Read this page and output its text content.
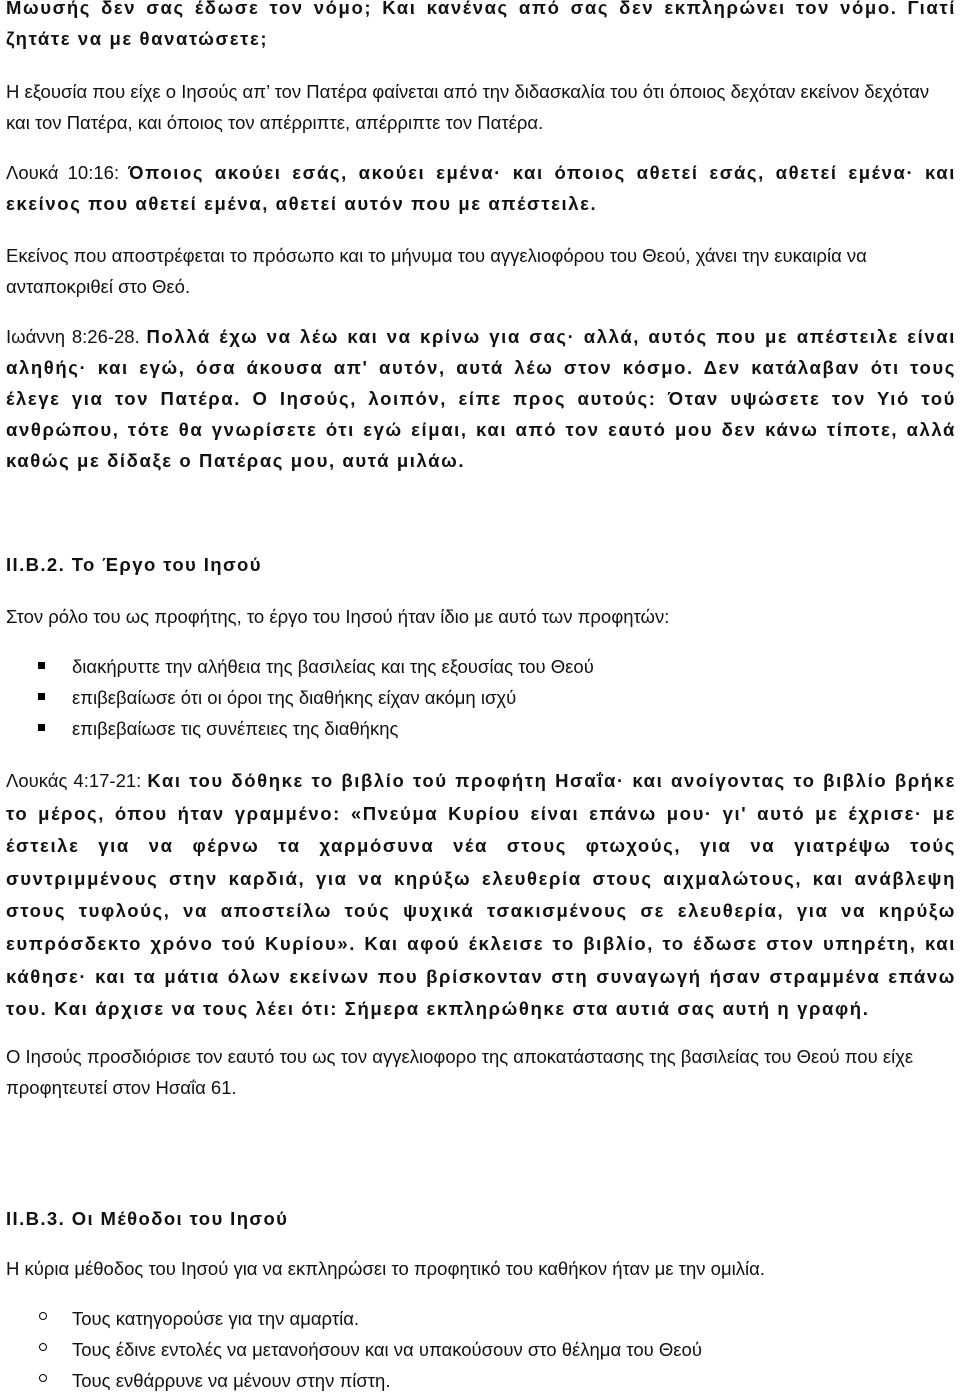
Μωυσής δεν σας έδωσε τον νόμο; Και κανένας από σας δεν εκπληρώνει τον νόμο. Γιατί ζητάτε να με θανατώσετε;

Η εξουσία που είχε ο Ιησούς απ’ τον Πατέρα φαίνεται από την διδασκαλία του ότι όποιος δεχόταν εκείνον δεχόταν και τον Πατέρα, και όποιος τον απέρριπτε, απέρριπτε τον Πατέρα.

Λουκά 10:16: Όποιος ακούει εσάς, ακούει εμένα· και όποιος αθετεί εσάς, αθετεί εμένα· και εκείνος που αθετεί εμένα, αθετεί αυτόν που με απέστειλε.

Εκείνος που αποστρέφεται το πρόσωπο και το μήνυμα του αγγελιοφόρου του Θεού, χάνει την ευκαιρία να ανταποκριθεί στο Θεό.

Ιωάννη 8:26-28. Πολλά έχω να λέω και να κρίνω για σας· αλλά, αυτός που με απέστειλε είναι αληθής· και εγώ, όσα άκουσα απ' αυτόν, αυτά λέω στον κόσμο. Δεν κατάλαβαν ότι τους έλεγε για τον Πατέρα. Ο Ιησούς, λοιπόν, είπε προς αυτούς: Όταν υψώσετε τον Υιό τού ανθρώπου, τότε θα γνωρίσετε ότι εγώ είμαι, και από τον εαυτό μου δεν κάνω τίποτε, αλλά καθώς με δίδαξε ο Πατέρας μου, αυτά μιλάω.

ΙΙ.Β.2. Το Έργο του Ιησού
Στον ρόλο του ως προφήτης, το έργο του Ιησού ήταν ίδιο με αυτό των προφητών:
διακήρυττε την αλήθεια της βασιλείας και της εξουσίας του Θεού
επιβεβαίωσε ότι οι όροι της διαθήκης είχαν ακόμη ισχύ
επιβεβαίωσε τις συνέπειες της διαθήκης

Λουκάς 4:17-21: Και του δόθηκε το βιβλίο τού προφήτη Ησαΐα· και ανοίγοντας το βιβλίο βρήκε το μέρος, όπου ήταν γραμμένο: «Πνεύμα Κυρίου είναι επάνω μου· γι' αυτό με έχρισε· με έστειλε για να φέρνω τα χαρμόσυνα νέα στους φτωχούς, για να γιατρέψω τούς συντριμμένους στην καρδιά, για να κηρύξω ελευθερία στους αιχμαλώτους, και ανάβλεψη στους τυφλούς, να αποστείλω τούς ψυχικά τσακισμένους σε ελευθερία, για να κηρύξω ευπρόσδεκτο χρόνο τού Κυρίου». Και αφού έκλεισε το βιβλίο, το έδωσε στον υπηρέτη, και κάθησε· και τα μάτια όλων εκείνων που βρίσκονταν στη συναγωγή ήσαν στραμμένα επάνω του. Και άρχισε να τους λέει ότι: Σήμερα εκπληρώθηκε στα αυτιά σας αυτή η γραφή.

Ο Ιησούς προσδιόρισε τον εαυτό του ως τον αγγελιοφορο της αποκατάστασης της βασιλείας του Θεού που είχε προφητευτεί στον Ησαΐα 61.

ΙΙ.Β.3. Οι Μέθοδοι του Ιησού
Η κύρια μέθοδος του Ιησού για να εκπληρώσει το προφητικό του καθήκον ήταν με την ομιλία.
Τους κατηγορούσε για την αμαρτία.
Τους έδινε εντολές να μετανοήσουν και να υπακούσουν στο θέλημα του Θεού
Τους ενθάρρυνε να μένουν στην πίστη.
